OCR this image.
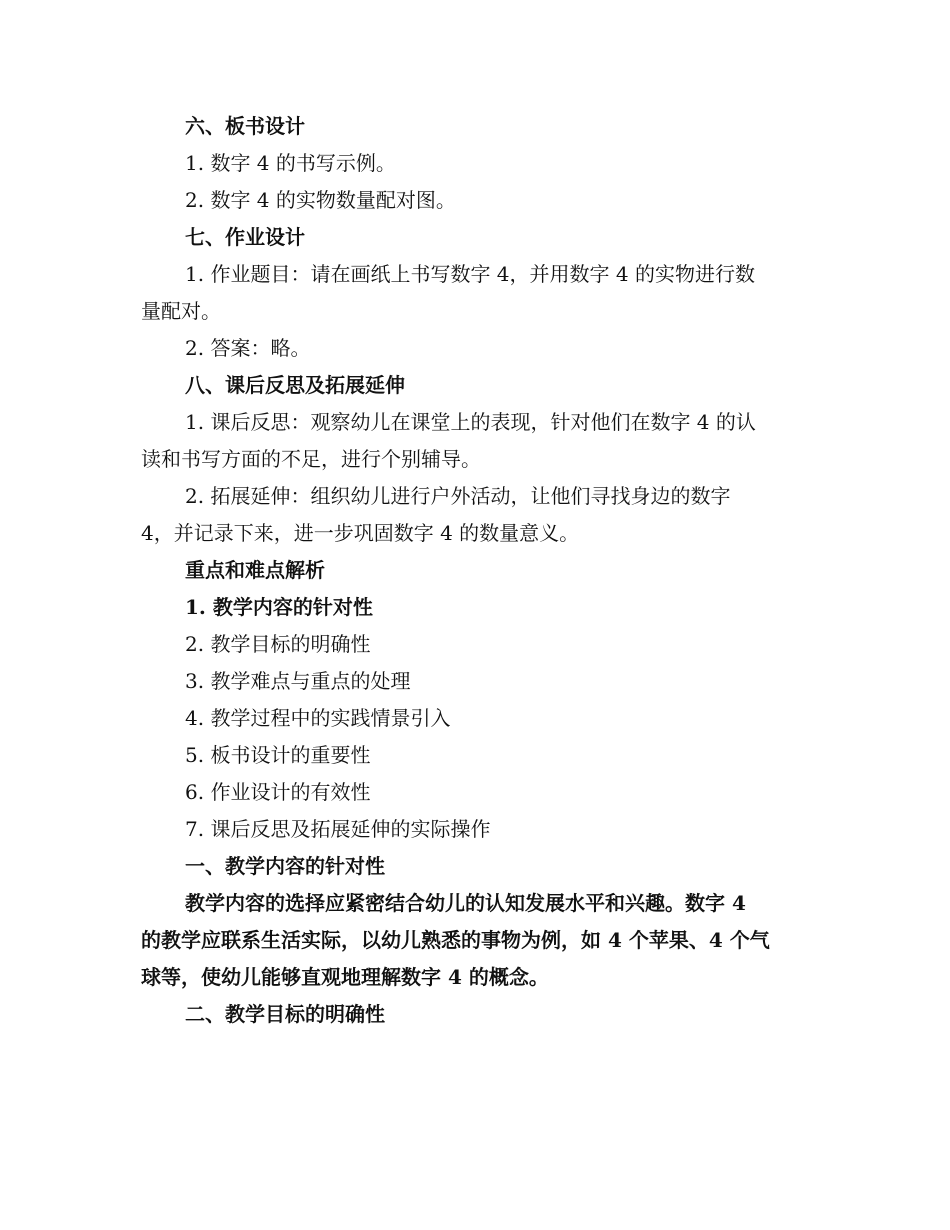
六、板书设计
1. 数字 4 的书写示例。
2. 数字 4 的实物数量配对图。
七、作业设计
1. 作业题目：请在画纸上书写数字 4，并用数字 4 的实物进行数
量配对。
2. 答案：略。
八、课后反思及拓展延伸
1. 课后反思：观察幼儿在课堂上的表现，针对他们在数字 4 的认
读和书写方面的不足，进行个别辅导。
2. 拓展延伸：组织幼儿进行户外活动，让他们寻找身边的数字
4，并记录下来，进一步巩固数字 4 的数量意义。
重点和难点解析
1. 教学内容的针对性
2. 教学目标的明确性
3. 教学难点与重点的处理
4. 教学过程中的实践情景引入
5. 板书设计的重要性
6. 作业设计的有效性
7. 课后反思及拓展延伸的实际操作
一、教学内容的针对性
教学内容的选择应紧密结合幼儿的认知发展水平和兴趣。数字 4
的教学应联系生活实际，以幼儿熟悉的事物为例，如 4 个苹果、4 个气
球等，使幼儿能够直观地理解数字 4 的概念。
二、教学目标的明确性
